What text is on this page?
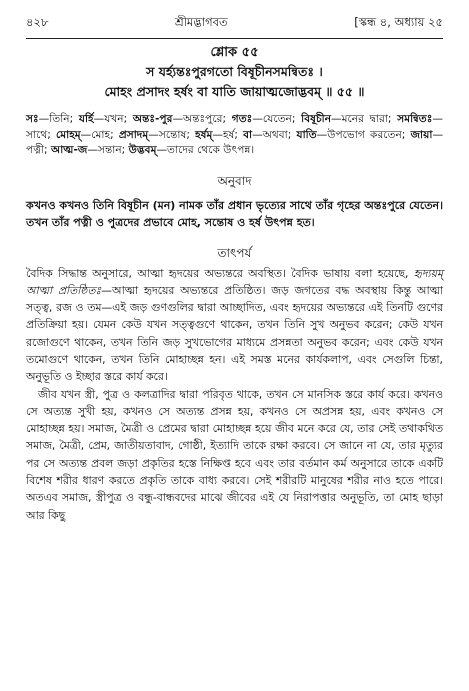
৪২৮	শ্রীমদ্ভাগবত	[স্কন্ধ ৪, অধ্যায় ২৫
শ্লোক ৫৫
স যর্হ্যন্তঃপুরগতো বিষূচীনসমন্বিতঃ ।
মোহং প্রসাদং হর্ষং বা যাতি জায়াত্মজোদ্ভবম্ ॥ ৫৫ ॥
সঃ—তিনি; যর্হি—যখন; অন্তঃ-পুর—অন্তঃপুরে; গতঃ—যেতেন; বিষূচীন—মনের দ্বারা; সমন্বিতঃ—সাথে; মোহম্—মোহ; প্রসাদম্—সন্তোষ; হর্ষম্—হর্ষ; বা—অথবা; যাতি—উপভোগ করতেন; জায়া—পত্নী; আত্ম-জ—সন্তান; উদ্ভবম্—তাদের থেকে উৎপন্ন।
অনুবাদ
কখনও কখনও তিনি বিষূচীন (মন) নামক তাঁর প্রধান ভৃত্যের সাথে তাঁর গৃহের অন্তঃপুরে যেতেন। তখন তাঁর পত্নী ও পুত্রদের প্রভাবে মোহ, সন্তোষ ও হর্ষ উৎপন্ন হত।
তাৎপর্য

বৈদিক সিদ্ধান্ত অনুসারে, আত্মা হৃদয়ের অভ্যন্তরে অবস্থিত। বৈদিক ভাষায় বলা হয়েছে, হৃদ্যয়ম্ আত্মা প্রতিষ্ঠিতঃ—আত্মা হৃদয়ের অভ্যন্তরে প্রতিষ্ঠিত। জড় জগতের বদ্ধ অবস্থায় কিন্তু আত্মা সত্ত্ব, রজ ও তম—এই জড় গুণগুলির দ্বারা আচ্ছাদিত, এবং হৃদয়ের অভ্যন্তরে এই তিনটি গুণের প্রতিক্রিয়া হয়। যেমন কেউ যখন সত্ত্বগুণে থাকেন, তখন তিনি সুখ অনুভব করেন; কেউ যখন রজোগুণে থাকেন, তখন তিনি জড় সুখভোগের মাধ্যমে প্রসন্নতা অনুভব করেন; এবং কেউ যখন তমোগুণে থাকেন, তখন তিনি মোহাচ্ছন্ন হন। এই সমস্ত মনের কার্যকলাপ, এবং সেগুলি চিন্তা, অনুভূতি ও ইচ্ছার স্তরে কার্য করে।

জীব যখন স্ত্রী, পুত্র ও কলত্রাদির দ্বারা পরিবৃত থাকে, তখন সে মানসিক স্তরে কার্য করে। কখনও সে অত্যন্ত সুখী হয়, কখনও সে অত্যন্ত প্রসন্ন হয়, কখনও সে অপ্রসন্ন হয়, এবং কখনও সে মোহাচ্ছন্ন হয়। সমাজ, মৈত্রী ও প্রেমের দ্বারা মোহাচ্ছন্ন হয়ে জীব মনে করে যে, তার সেই তথাকথিত সমাজ, মৈত্রী, প্রেম, জাতীয়তাবাদ, গোষ্ঠী, ইত্যাদি তাকে রক্ষা করবে। সে জানে না যে, তার মৃত্যুর পর সে অত্যন্ত প্রবল জড়া প্রকৃতির হস্তে নিক্ষিপ্ত হবে এবং তার বর্তমান কর্ম অনুসারে তাকে একটি বিশেষ শরীর ধারণ করতে প্রকৃতি তাকে বাধ্য করবে। সেই শরীরটি মানুষের শরীর নাও হতে পারে। অতএব সমাজ, স্ত্রীপুত্র ও বন্ধু-বান্ধবদের মাঝে জীবের এই যে নিরাপত্তার অনুভূতি, তা মোহ ছাড়া আর কিছু
